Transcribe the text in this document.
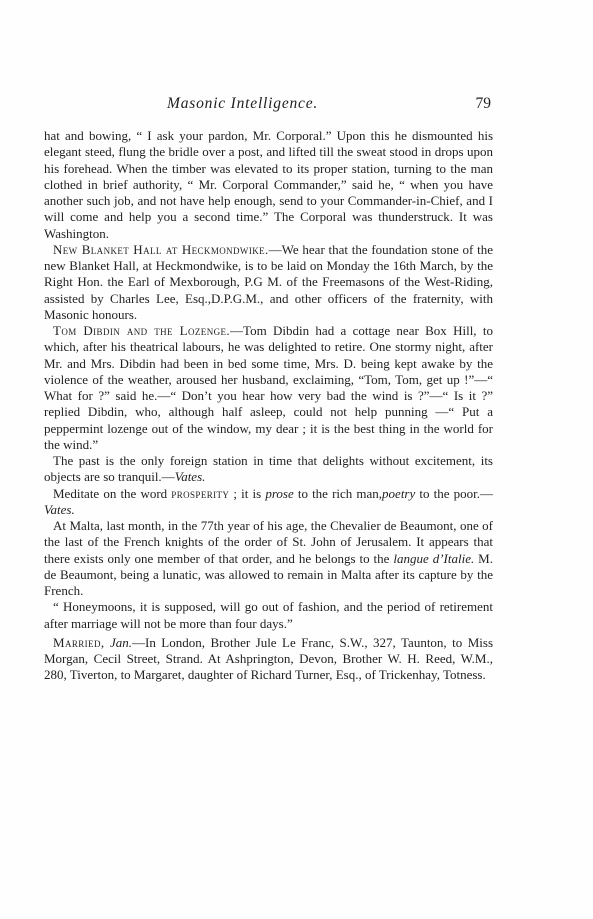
Masonic Intelligence.	79

hat and bowing, “ I ask your pardon, Mr. Corporal.” Upon this he dismounted his elegant steed, flung the bridle over a post, and lifted till the sweat stood in drops upon his forehead. When the timber was elevated to its proper station, turning to the man clothed in brief authority, “ Mr. Corporal Commander,” said he, “ when you have another such job, and not have help enough, send to your Commander-in-Chief, and I will come and help you a second time.” The Corporal was thunderstruck. It was Washington.

New Blanket Hall at Heckmondwike.—We hear that the foundation stone of the new Blanket Hall, at Heckmondwike, is to be laid on Monday the 16th March, by the Right Hon. the Earl of Mexborough, P.G M. of the Freemasons of the West-Riding, assisted by Charles Lee, Esq.,D.P.G.M., and other officers of the fraternity, with Masonic honours.

Tom Dibdin and the Lozenge.—Tom Dibdin had a cottage near Box Hill, to which, after his theatrical labours, he was delighted to retire. One stormy night, after Mr. and Mrs. Dibdin had been in bed some time, Mrs. D. being kept awake by the violence of the weather, aroused her husband, exclaiming, “Tom, Tom, get up !”—“ What for ?” said he.—“ Don’t you hear how very bad the wind is ?”—“ Is it ?” replied Dibdin, who, although half asleep, could not help punning —“ Put a peppermint lozenge out of the window, my dear ; it is the best thing in the world for the wind.”

The past is the only foreign station in time that delights without excitement, its objects are so tranquil.—Vates.

Meditate on the word prosperity ; it is prose to the rich man,poetry to the poor.—Vates.

At Malta, last month, in the 77th year of his age, the Chevalier de Beaumont, one of the last of the French knights of the order of St. John of Jerusalem. It appears that there exists only one member of that order, and he belongs to the langue d’Italie. M. de Beaumont, being a lunatic, was allowed to remain in Malta after its capture by the French.

“ Honeymoons, it is supposed, will go out of fashion, and the period of retirement after marriage will not be more than four days.”

Married, Jan.—In London, Brother Jule Le Franc, S.W., 327, Taunton, to Miss Morgan, Cecil Street, Strand. At Ashprington, Devon, Brother W. H. Reed, W.M., 280, Tiverton, to Margaret, daughter of Richard Turner, Esq., of Trickenhay, Totness.
